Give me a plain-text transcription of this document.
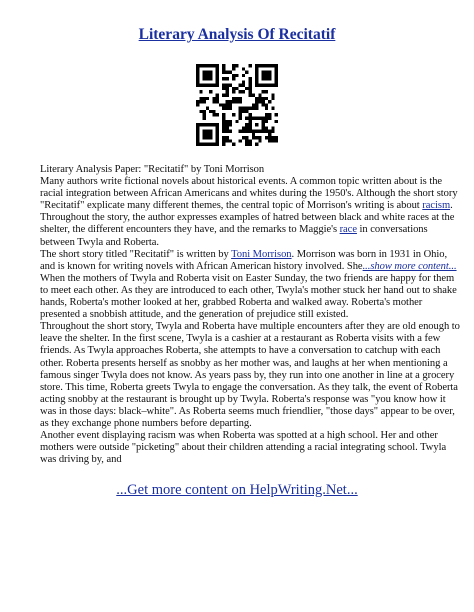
Literary Analysis Of Recitatif
Literary Analysis Paper: "Recitatif" by Toni Morrison
Many authors write fictional novels about historical events. A common topic written about is the
racial integration between African Americans and whites during the 1950's. Although the short story
"Recitatif" explicate many different themes, the central topic of Morrison's writing is about racism.
Throughout the story, the author expresses examples of hatred between black and white races at the
shelter, the different encounters they have, and the remarks to Maggie's race in conversations
between Twyla and Roberta.
The short story titled "Recitatif" is written by Toni Morrison. Morrison was born in 1931 in Ohio,
and is known for writing novels with African American history involved. She...show more content...
When the mothers of Twyla and Roberta visit on Easter Sunday, the two friends are happy for them
to meet each other. As they are introduced to each other, Twyla's mother stuck her hand out to shake
hands, Roberta's mother looked at her, grabbed Roberta and walked away. Roberta's mother
presented a snobbish attitude, and the generation of prejudice still existed.
Throughout the short story, Twyla and Roberta have multiple encounters after they are old enough to
leave the shelter. In the first scene, Twyla is a cashier at a restaurant as Roberta visits with a few
friends. As Twyla approaches Roberta, she attempts to have a conversation to catchup with each
other. Roberta presents herself as snobby as her mother was, and laughs at her when mentioning a
famous singer Twyla does not know. As years pass by, they run into one another in line at a grocery
store. This time, Roberta greets Twyla to engage the conversation. As they talk, the event of Roberta
acting snobby at the restaurant is brought up by Twyla. Roberta's response was "you know how it
was in those days: black–white". As Roberta seems much friendlier, "those days" appear to be over,
as they exchange phone numbers before departing.
Another event displaying racism was when Roberta was spotted at a high school. Her and other
mothers were outside "picketing" about their children attending a racial integrating school. Twyla
was driving by, and
...Get more content on HelpWriting.Net...
